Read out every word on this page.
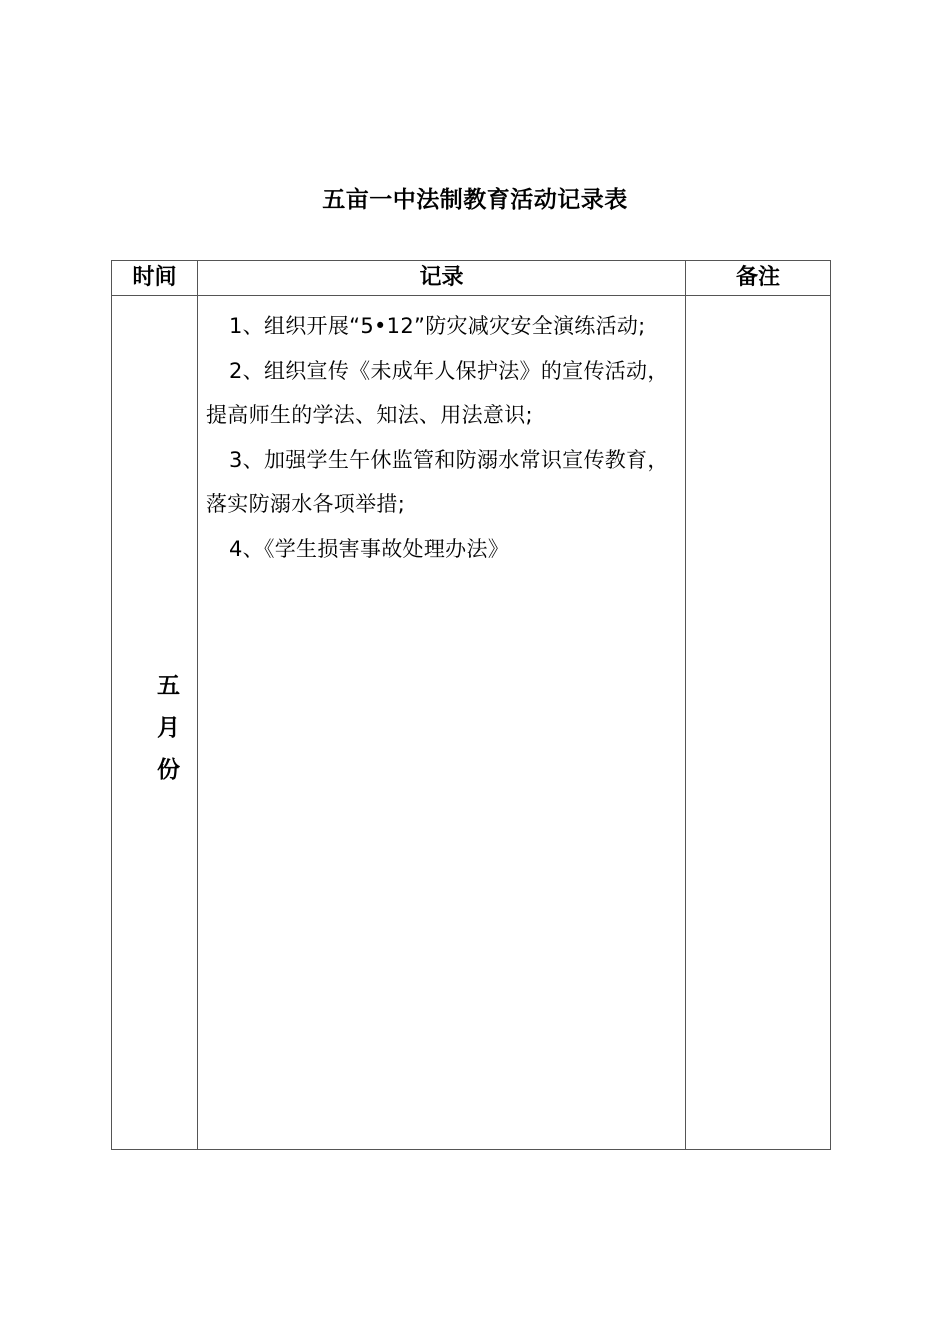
五亩一中法制教育活动记录表
时间	记录	备注
五月份	1、组织开展“5•12”防灾减灾安全演练活动;

2、组织宣传《未成年人保护法》的宣传活动，提高师生的学法、知法、用法意识;

3、加强学生午休监管和防溺水常识宣传教育，落实防溺水各项举措;

4、《学生损害事故处理办法》	
